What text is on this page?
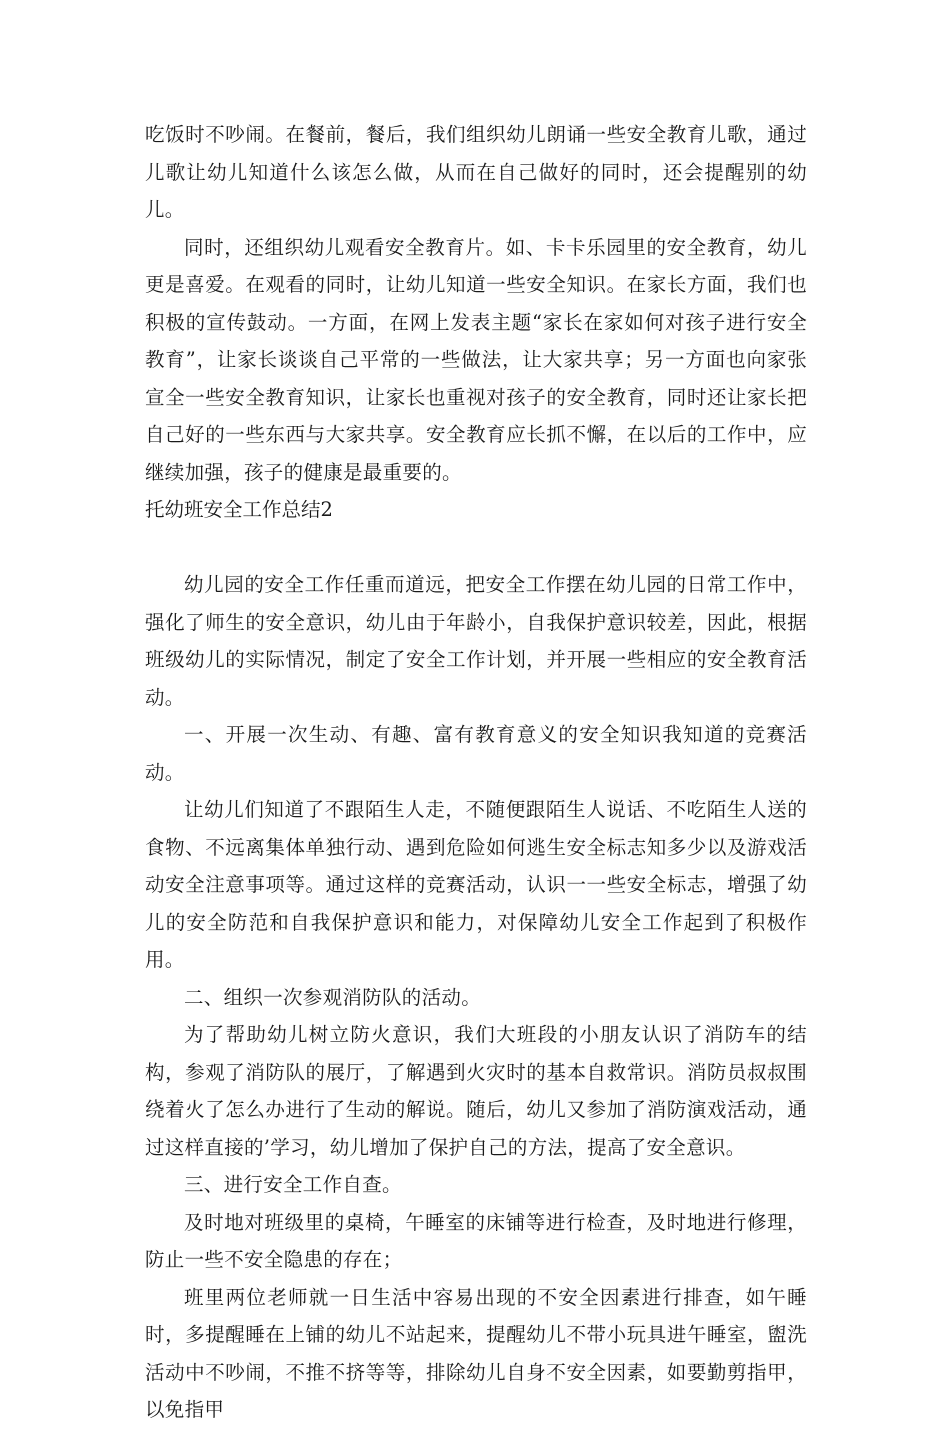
吃饭时不吵闹。在餐前，餐后，我们组织幼儿朗诵一些安全教育儿歌，通过儿歌让幼儿知道什么该怎么做，从而在自己做好的同时，还会提醒别的幼儿。

同时，还组织幼儿观看安全教育片。如、卡卡乐园里的安全教育，幼儿更是喜爱。在观看的同时，让幼儿知道一些安全知识。在家长方面，我们也积极的宣传鼓动。一方面，在网上发表主题“家长在家如何对孩子进行安全教育”，让家长谈谈自己平常的一些做法，让大家共享；另一方面也向家张宣全一些安全教育知识，让家长也重视对孩子的安全教育，同时还让家长把自己好的一些东西与大家共享。安全教育应长抓不懈，在以后的工作中，应继续加强，孩子的健康是最重要的。

托幼班安全工作总结2

幼儿园的安全工作任重而道远，把安全工作摆在幼儿园的日常工作中，强化了师生的安全意识，幼儿由于年龄小，自我保护意识较差，因此，根据班级幼儿的实际情况，制定了安全工作计划，并开展一些相应的安全教育活动。

一、开展一次生动、有趣、富有教育意义的安全知识我知道的竞赛活动。

让幼儿们知道了不跟陌生人走，不随便跟陌生人说话、不吃陌生人送的食物、不远离集体单独行动、遇到危险如何逃生安全标志知多少以及游戏活动安全注意事项等。通过这样的竞赛活动，认识一一些安全标志，增强了幼儿的安全防范和自我保护意识和能力，对保障幼儿安全工作起到了积极作用。

二、组织一次参观消防队的活动。

为了帮助幼儿树立防火意识，我们大班段的小朋友认识了消防车的结构，参观了消防队的展厅，了解遇到火灾时的基本自救常识。消防员叔叔围绕着火了怎么办进行了生动的解说。随后，幼儿又参加了消防演戏活动，通过这样直接的’学习，幼儿增加了保护自己的方法，提高了安全意识。

三、进行安全工作自查。

及时地对班级里的桌椅，午睡室的床铺等进行检查，及时地进行修理，防止一些不安全隐患的存在；

班里两位老师就一日生活中容易出现的不安全因素进行排查，如午睡时，多提醒睡在上铺的幼儿不站起来，提醒幼儿不带小玩具进午睡室，盥洗活动中不吵闹，不推不挤等等，排除幼儿自身不安全因素，如要勤剪指甲，以免指甲
